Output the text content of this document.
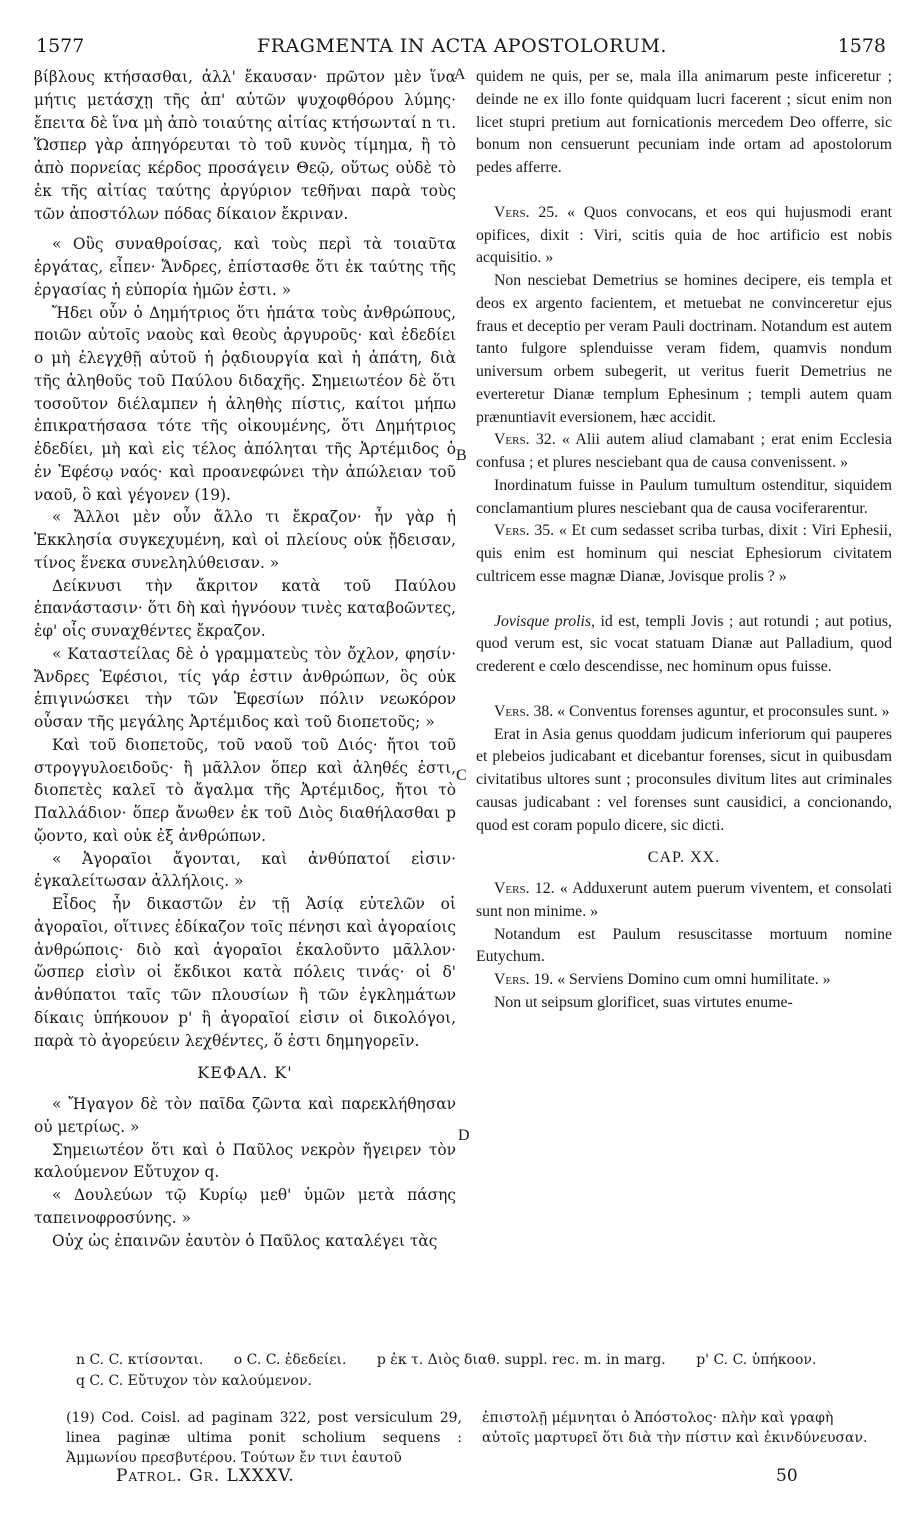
1577	FRAGMENTA IN ACTA APOSTOLORUM.	1578
A
B
C
D

βίβλους κτήσασθαι, ἀλλ' ἔκαυσαν· πρῶτον μὲν ἵνα μήτις μετάσχῃ τῆς ἀπ' αὐτῶν ψυχοφθόρου λύμης· ἔπειτα δὲ ἵνα μὴ ἀπὸ τοιαύτης αἰτίας κτήσωνταί n τι. Ὥσπερ γὰρ ἀπηγόρευται τὸ τοῦ κυνὸς τίμημα, ἢ τὸ ἀπὸ πορνείας κέρδος προσάγειν Θεῷ, οὕτως οὐδὲ τὸ ἐκ τῆς αἰτίας ταύτης ἀργύριον τεθῆναι παρὰ τοὺς τῶν ἀποστόλων πόδας δίκαιον ἔκριναν.

« Οὓς συναθροίσας, καὶ τοὺς περὶ τὰ τοιαῦτα ἐργάτας, εἶπεν· Ἄνδρες, ἐπίστασθε ὅτι ἐκ ταύτης τῆς ἐργασίας ἡ εὐπορία ἡμῶν ἐστι. »

Ἤδει οὖν ὁ Δημήτριος ὅτι ἠπάτα τοὺς ἀνθρώπους, ποιῶν αὐτοῖς ναοὺς καὶ θεοὺς ἀργυροῦς· καὶ ἐδεδίει o μὴ ἐλεγχθῇ αὐτοῦ ἡ ῥᾳδιουργία καὶ ἡ ἀπάτη, διὰ τῆς ἀληθοῦς τοῦ Παύλου διδαχῆς. Σημειωτέον δὲ ὅτι τοσοῦτον διέλαμπεν ἡ ἀληθὴς πίστις, καίτοι μήπω ἐπικρατήσασα τότε τῆς οἰκουμένης, ὅτι Δημήτριος ἐδεδίει, μὴ καὶ εἰς τέλος ἀπόληται τῆς Ἀρτέμιδος ὁ ἐν Ἐφέσῳ ναός· καὶ προανεφώνει τὴν ἀπώλειαν τοῦ ναοῦ, ὃ καὶ γέγονεν (19).

« Ἄλλοι μὲν οὖν ἄλλο τι ἔκραζον· ἦν γὰρ ἡ Ἐκκλησία συγκεχυμένη, καὶ οἱ πλείους οὐκ ᾔδεισαν, τίνος ἕνεκα συνεληλύθεισαν. »

Δείκνυσι τὴν ἄκριτον κατὰ τοῦ Παύλου ἐπανάστασιν· ὅτι δὴ καὶ ἠγνόουν τινὲς καταβοῶντες, ἐφ' οἷς συναχθέντες ἔκραζον.

« Καταστείλας δὲ ὁ γραμματεὺς τὸν ὄχλον, φησίν· Ἄνδρες Ἐφέσιοι, τίς γάρ ἐστιν ἀνθρώπων, ὃς οὐκ ἐπιγινώσκει τὴν τῶν Ἐφεσίων πόλιν νεωκόρον οὖσαν τῆς μεγάλης Ἀρτέμιδος καὶ τοῦ διοπετοῦς; »

Καὶ τοῦ διοπετοῦς, τοῦ ναοῦ τοῦ Διός· ἤτοι τοῦ στρογγυλοειδοῦς· ἢ μᾶλλον ὅπερ καὶ ἀληθές ἐστι, διοπετὲς καλεῖ τὸ ἄγαλμα τῆς Ἀρτέμιδος, ἤτοι τὸ Παλλάδιον· ὅπερ ἄνωθεν ἐκ τοῦ Διὸς διαθήλασθαι p ᾤοντο, καὶ οὐκ ἐξ ἀνθρώπων.

« Ἀγοραῖοι ἄγονται, καὶ ἀνθύπατοί εἰσιν· ἐγκαλείτωσαν ἀλλήλοις. »

Εἶδος ἦν δικαστῶν ἐν τῇ Ἀσίᾳ εὐτελῶν οἱ ἀγοραῖοι, οἵτινες ἐδίκαζον τοῖς πένησι καὶ ἀγοραίοις ἀνθρώποις· διὸ καὶ ἀγοραῖοι ἐκαλοῦντο μᾶλλον· ὥσπερ εἰσὶν οἱ ἔκδικοι κατὰ πόλεις τινάς· οἱ δ' ἀνθύπατοι ταῖς τῶν πλουσίων ἢ τῶν ἐγκλημάτων δίκαις ὑπήκουον p' ἢ ἀγοραῖοί εἰσιν οἱ δικολόγοι, παρὰ τὸ ἀγορεύειν λεχθέντες, ὅ ἐστι δημηγορεῖν.

ΚΕΦΑΛ. Κ'

« Ἤγαγον δὲ τὸν παῖδα ζῶντα καὶ παρεκλήθησαν οὐ μετρίως. »

Σημειωτέον ὅτι καὶ ὁ Παῦλος νεκρὸν ἤγειρεν τὸν καλούμενον Εὔτυχον q.

« Δουλεύων τῷ Κυρίῳ μεθ' ὑμῶν μετὰ πάσης ταπεινοφροσύνης. »

Οὐχ ὡς ἐπαινῶν ἑαυτὸν ὁ Παῦλος καταλέγει τὰς

quidem ne quis, per se, mala illa animarum peste inficeretur ; deinde ne ex illo fonte quidquam lucri facerent ; sicut enim non licet stupri pretium aut fornicationis mercedem Deo offerre, sic bonum non censuerunt pecuniam inde ortam ad apostolorum pedes afferre.

Vers. 25. « Quos convocans, et eos qui hujusmodi erant opifices, dixit : Viri, scitis quia de hoc artificio est nobis acquisitio. »

Non nesciebat Demetrius se homines decipere, eis templa et deos ex argento facientem, et metuebat ne convinceretur ejus fraus et deceptio per veram Pauli doctrinam. Notandum est autem tanto fulgore splenduisse veram fidem, quamvis nondum universum orbem subegerit, ut veritus fuerit Demetrius ne everteretur Dianæ templum Ephesinum ; templi autem quam prænuntiavit eversionem, hæc accidit.

Vers. 32. « Alii autem aliud clamabant ; erat enim Ecclesia confusa ; et plures nesciebant qua de causa convenissent. »

Inordinatum fuisse in Paulum tumultum ostenditur, siquidem conclamantium plures nesciebant qua de causa vociferarentur.

Vers. 35. « Et cum sedasset scriba turbas, dixit : Viri Ephesii, quis enim est hominum qui nesciat Ephesiorum civitatem cultricem esse magnæ Dianæ, Jovisque prolis ? »

Jovisque prolis, id est, templi Jovis ; aut rotundi ; aut potius, quod verum est, sic vocat statuam Dianæ aut Palladium, quod crederent e cœlo descendisse, nec hominum opus fuisse.

Vers. 38. « Conventus forenses aguntur, et proconsules sunt. »

Erat in Asia genus quoddam judicum inferiorum qui pauperes et plebeios judicabant et dicebantur forenses, sicut in quibusdam civitatibus ultores sunt ; proconsules divitum lites aut criminales causas judicabant : vel forenses sunt causidici, a concionando, quod est coram populo dicere, sic dicti.

CAP. XX.

Vers. 12. « Adduxerunt autem puerum viventem, et consolati sunt non minime. »

Notandum est Paulum resuscitasse mortuum nomine Eutychum.

Vers. 19. « Serviens Domino cum omni humilitate. »

Non ut seipsum glorificet, suas virtutes enume-

n C. C. κτίσονται. o C. C. ἐδεδείει. p ἐκ τ. Διὸς διαθ. suppl. rec. m. in marg. p' C. C. ὑπήκοον.

q C. C. Εὔτυχον τὸν καλούμενον.

(19) Cod. Coisl. ad paginam 322, post versiculum 29, linea paginæ ultima ponit scholium sequens : Ἀμμωνίου πρεσβυτέρου. Τούτων ἔν τινι ἑαυτοῦ
ἐπιστολῇ μέμνηται ὁ Ἀπόστολος· πλὴν καὶ γραφὴ αὐτοῖς μαρτυρεῖ ὅτι διὰ τὴν πίστιν καὶ ἐκινδύνευσαν.
Patrol. Gr. LXXXV.	50
